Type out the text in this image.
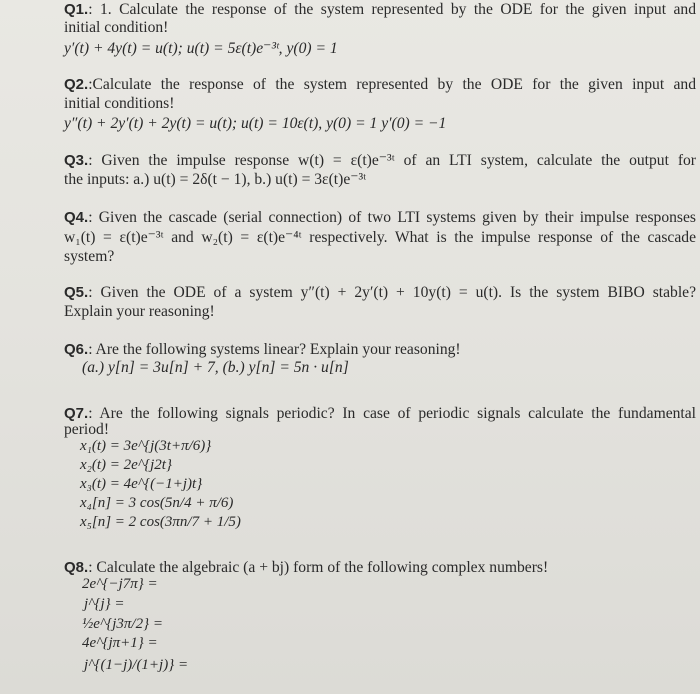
Q1.: 1. Calculate the response of the system represented by the ODE for the given input and
initial condition!
y′(t) + 4y(t) = u(t); u(t) = 5ε(t)e⁻³ᵗ, y(0) = 1
Q2.:Calculate the response of the system represented by the ODE for the given input and
initial conditions!
y″(t) + 2y′(t) + 2y(t) = u(t); u(t) = 10ε(t), y(0) = 1 y′(0) = −1
Q3.: Given the impulse response w(t) = ε(t)e⁻³ᵗ of an LTI system, calculate the output for
the inputs: a.) u(t) = 2δ(t − 1), b.) u(t) = 3ε(t)e⁻³ᵗ
Q4.: Given the cascade (serial connection) of two LTI systems given by their impulse responses
w₁(t) = ε(t)e⁻³ᵗ and w₂(t) = ε(t)e⁻⁴ᵗ respectively. What is the impulse response of the cascade
system?
Q5.: Given the ODE of a system y″(t) + 2y′(t) + 10y(t) = u(t). Is the system BIBO stable?
Explain your reasoning!
Q6.: Are the following systems linear? Explain your reasoning!
(a.) y[n] = 3u[n] + 7, (b.) y[n] = 5n · u[n]
Q7.: Are the following signals periodic? In case of periodic signals calculate the fundamental
period!
x₁(t) = 3e^{j(3t+π/6)}
x₂(t) = 2e^{j2t}
x₃(t) = 4e^{(−1+j)t}
x₄[n] = 3 cos(5n/4 + π/6)
x₅[n] = 2 cos(3πn/7 + 1/5)
Q8.: Calculate the algebraic (a + bj) form of the following complex numbers!
2e^{−j7π} =
j^{j} =
½e^{j3π/2} =
4e^{jπ+1} =
j^{(1−j)/(1+j)} =
